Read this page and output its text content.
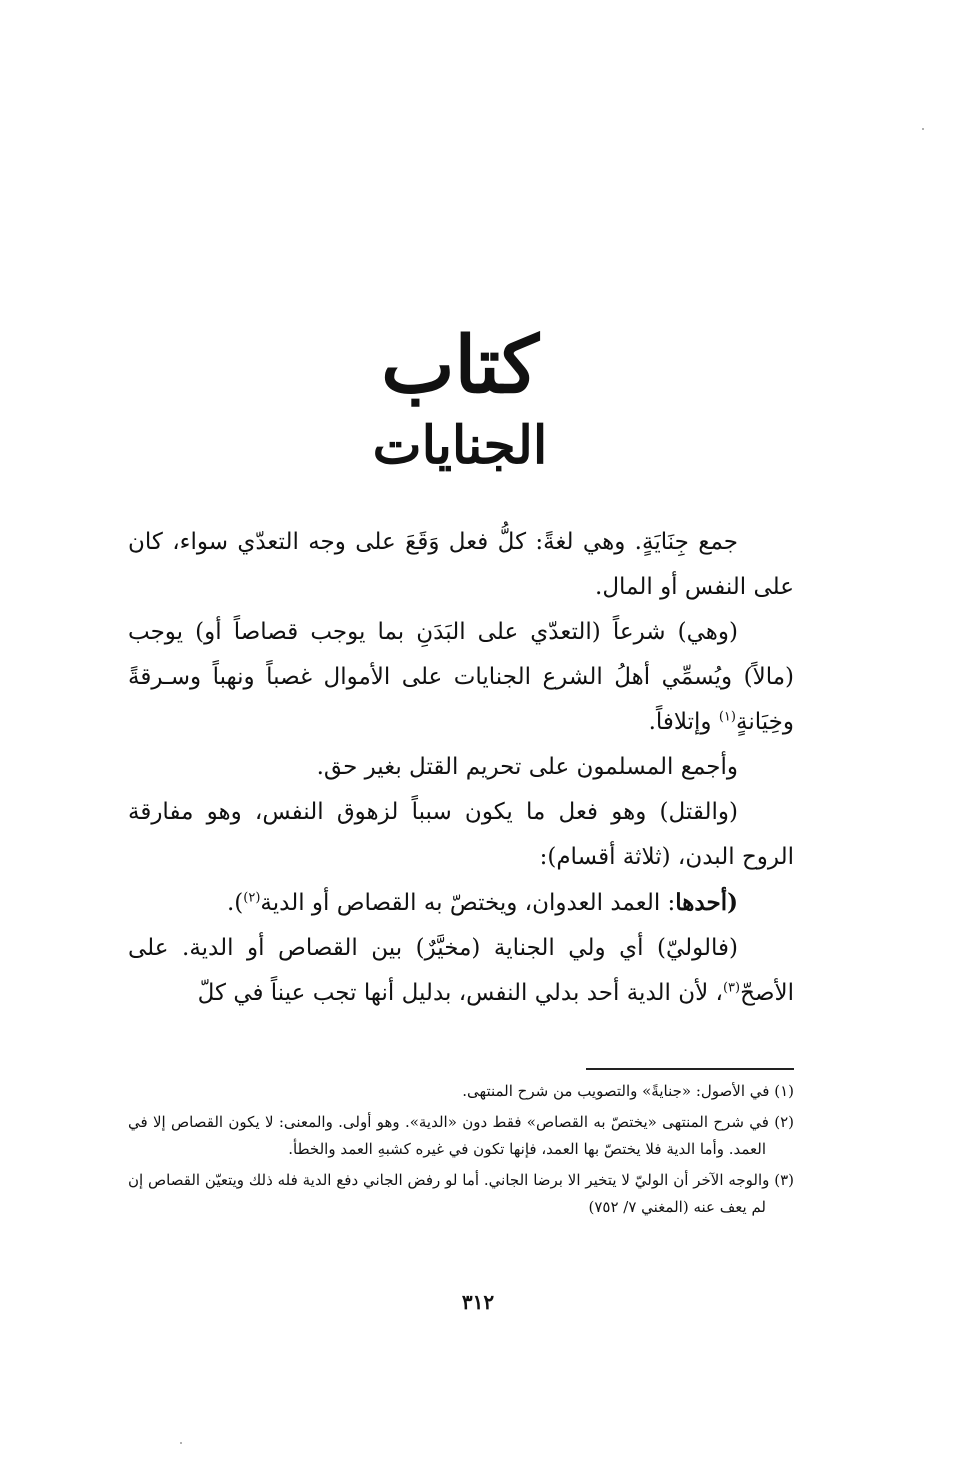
كتاب
الجنايات

جمع جِنَايَةٍ. وهي لغةً: كلُّ فعل وَقَعَ على وجه التعدّي سواء، كان على النفس أو المال.

(وهي) شرعاً (التعدّي على البَدَنِ بما يوجب قصاصاً أو) يوجب (مالاً) ويُسمِّي أهلُ الشرع الجنايات على الأموال غصباً ونهباً وسـرقةً وخِيَانةٍ$^{(١)}$ وإتلافاً.

وأجمع المسلمون على تحريم القتل بغير حق.

(والقتل) وهو فعل ما يكون سبباً لزهوق النفس، وهو مفارقة الروح البدن، (ثلاثة أقسام):

(أحدها: العمد العدوان، ويختصّ به القصاص أو الدية$^{(٢)}$).

(فالوليّ) أي ولي الجناية (مخيَّرٌ) بين القصاص أو الدية. على الأصحّ$^{(٣)}$، لأن الدية أحد بدلي النفس، بدليل أنها تجب عيناً في كلّ

(١) في الأصول: «جنايةً» والتصويب من شرح المنتهى.

(٢) في شرح المنتهى «يختصّ به القصاص» فقط دون «الدية». وهو أولى. والمعنى: لا يكون القصاص إلا في العمد. وأما الدية فلا يختصّ بها العمد، فإنها تكون في غيره كشبهِ العمد والخطأ.

(٣) والوجه الآخر أن الوليّ لا يتخير الا برضا الجاني. أما لو رفض الجاني دفع الدية فله ذلك ويتعيّن القصاص إن لم يعف عنه (المغني ٧/ ٧٥٢)

٣١٢
